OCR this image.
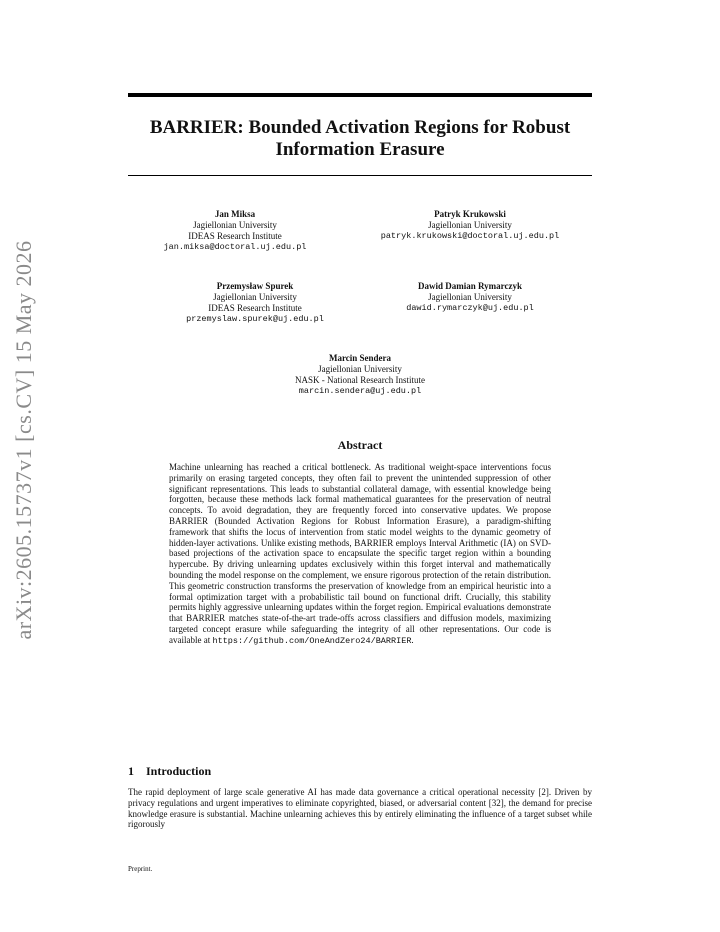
arXiv:2605.15737v1 [cs.CV] 15 May 2026
BARRIER: Bounded Activation Regions for Robust
Information Erasure
Jan Miksa
Jagiellonian University
IDEAS Research Institute
jan.miksa@doctoral.uj.edu.pl
Patryk Krukowski
Jagiellonian University
patryk.krukowski@doctoral.uj.edu.pl
Przemysław Spurek
Jagiellonian University
IDEAS Research Institute
przemyslaw.spurek@uj.edu.pl
Dawid Damian Rymarczyk
Jagiellonian University
dawid.rymarczyk@uj.edu.pl
Marcin Sendera
Jagiellonian University
NASK - National Research Institute
marcin.sendera@uj.edu.pl
Abstract
Machine unlearning has reached a critical bottleneck. As traditional weight-space interventions focus primarily on erasing targeted concepts, they often fail to prevent the unintended suppression of other significant representations. This leads to substantial collateral damage, with essential knowledge being forgotten, because these methods lack formal mathematical guarantees for the preservation of neutral concepts. To avoid degradation, they are frequently forced into conservative updates. We propose BARRIER (Bounded Activation Regions for Robust Information Erasure), a paradigm-shifting framework that shifts the locus of intervention from static model weights to the dynamic geometry of hidden-layer activations. Unlike existing methods, BARRIER employs Interval Arithmetic (IA) on SVD-based projections of the activation space to encapsulate the specific target region within a bounding hypercube. By driving unlearning updates exclusively within this forget interval and mathematically bounding the model response on the complement, we ensure rigorous protection of the retain distribution. This geometric construction transforms the preservation of knowledge from an empirical heuristic into a formal optimization target with a probabilistic tail bound on functional drift. Crucially, this stability permits highly aggressive unlearning updates within the forget region. Empirical evaluations demonstrate that BARRIER matches state-of-the-art trade-offs across classifiers and diffusion models, maximizing targeted concept erasure while safeguarding the integrity of all other representations. Our code is available at https://github.com/OneAndZero24/BARRIER.
1 Introduction
The rapid deployment of large scale generative AI has made data governance a critical operational necessity [2]. Driven by privacy regulations and urgent imperatives to eliminate copyrighted, biased, or adversarial content [32], the demand for precise knowledge erasure is substantial. Machine unlearning achieves this by entirely eliminating the influence of a target subset while rigorously
Preprint.
